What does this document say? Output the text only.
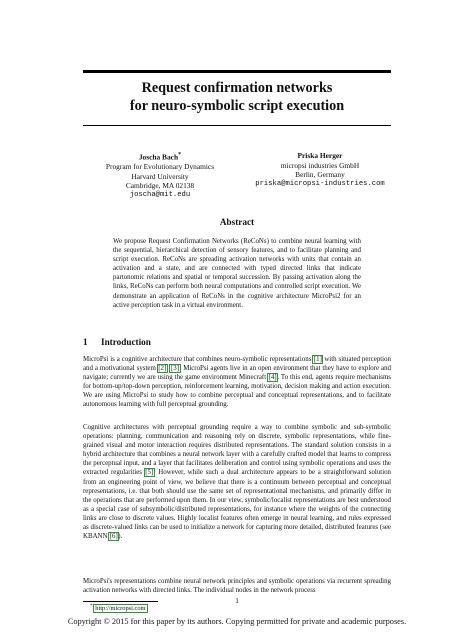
Request confirmation networks
for neuro-symbolic script execution
Joscha Bach*
Program for Evolutionary Dynamics
Harvard University
Cambridge, MA 02138
joscha@mit.edu
Priska Herger
micropsi industries GmbH
Berlin, Germany
priska@micropsi-industries.com
Abstract
We propose Request Confirmation Networks (ReCoNs) to combine neural learning with the sequential, hierarchical detection of sensory features, and to facilitate planning and script execution. ReCoNs are spreading activation networks with units that contain an activation and a state, and are connected with typed directed links that indicate partonomic relations and spatial or temporal succession. By passing activation along the links, ReCoNs can perform both neural computations and controlled script execution. We demonstrate an application of ReCoNs in the cognitive architecture MicroPsi2 for an active perception task in a virtual environment.
1 Introduction
MicroPsi is a cognitive architecture that combines neuro-symbolic representations [1] with situated perception and a motivational system [2], [3]. MicroPsi agents live in an open environment that they have to explore and navigate; currently we are using the game environment Minecraft [4]. To this end, agents require mechanisms for bottom-up/top-down perception, reinforcement learning, motivation, decision making and action execution. We are using MicroPsi to study how to combine perceptual and conceptual representations, and to facilitate autonomous learning with full perceptual grounding.
Cognitive architectures with perceptual grounding require a way to combine symbolic and sub-symbolic operations: planning, communication and reasoning rely on discrete, symbolic representations, while fine-grained visual and motor interaction requires distributed representations. The standard solution consists in a hybrid architecture that combines a neural network layer with a carefully crafted model that learns to compress the perceptual input, and a layer that facilitates deliberation and control using symbolic operations and uses the extracted regularities [5]. However, while such a dual architecture appears to be a straightforward solution from an engineering point of view, we believe that there is a continuum between perceptual and conceptual representations, i.e. that both should use the same set of representational mechanisms, and primarily differ in the operations that are performed upon them. In our view, symbolic/localist representations are best understood as a special case of subsymbolic/distributed representations, for instance where the weights of the connecting links are close to discrete values. Highly localist features often emerge in neural learning, and rules expressed as discrete-valued links can be used to initialize a network for capturing more detailed, distributed features (see KBANN [6]).
MicroPsi's representations combine neural network principles and symbolic operations via recurrent spreading activation networks with directed links. The individual nodes in the network process
* http://micropsi.com
1
Copyright © 2015 for this paper by its authors. Copying permitted for private and academic purposes.
